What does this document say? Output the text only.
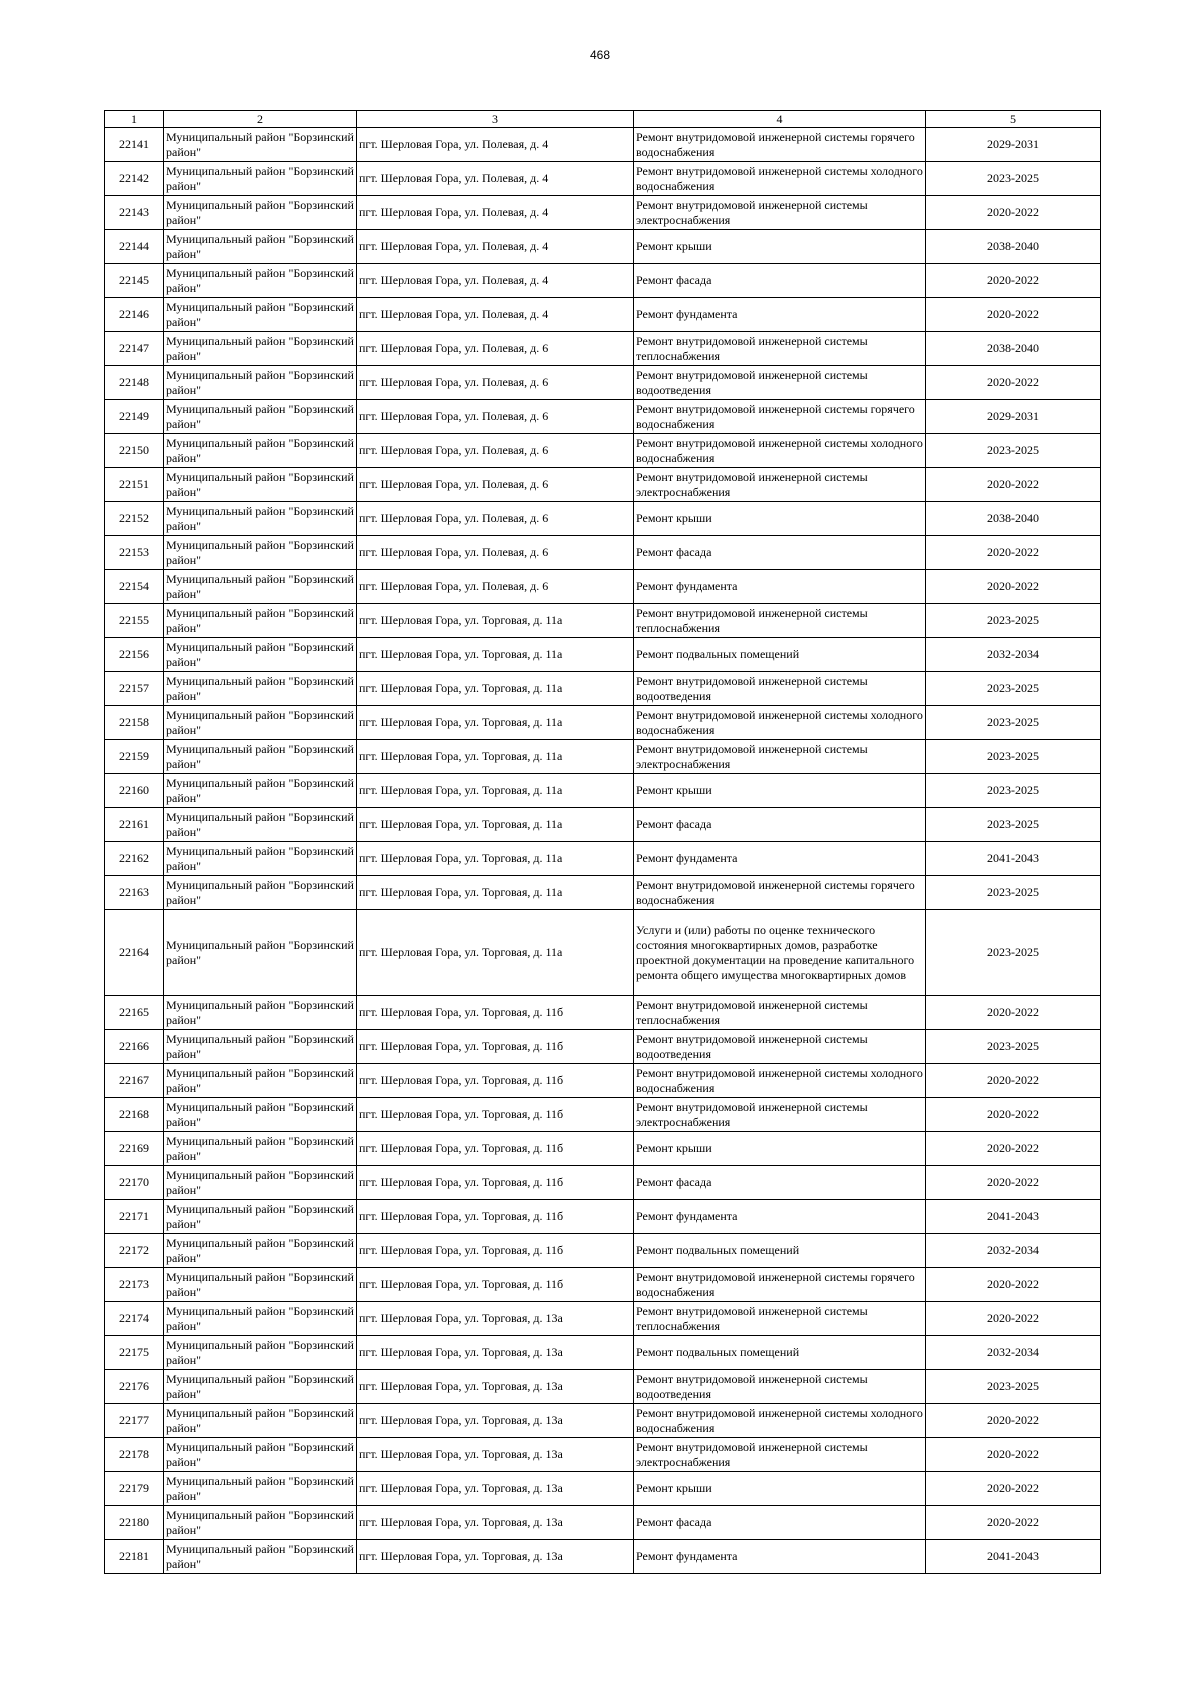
468
1	2	3	4	5
22141	Муниципальный район "Борзинский район"	пгт. Шерловая Гора, ул. Полевая, д. 4	Ремонт внутридомовой инженерной системы горячего водоснабжения	2029-2031
22142	Муниципальный район "Борзинский район"	пгт. Шерловая Гора, ул. Полевая, д. 4	Ремонт внутридомовой инженерной системы холодного водоснабжения	2023-2025
22143	Муниципальный район "Борзинский район"	пгт. Шерловая Гора, ул. Полевая, д. 4	Ремонт внутридомовой инженерной системы электроснабжения	2020-2022
22144	Муниципальный район "Борзинский район"	пгт. Шерловая Гора, ул. Полевая, д. 4	Ремонт крыши	2038-2040
22145	Муниципальный район "Борзинский район"	пгт. Шерловая Гора, ул. Полевая, д. 4	Ремонт фасада	2020-2022
22146	Муниципальный район "Борзинский район"	пгт. Шерловая Гора, ул. Полевая, д. 4	Ремонт фундамента	2020-2022
22147	Муниципальный район "Борзинский район"	пгт. Шерловая Гора, ул. Полевая, д. 6	Ремонт внутридомовой инженерной системы теплоснабжения	2038-2040
22148	Муниципальный район "Борзинский район"	пгт. Шерловая Гора, ул. Полевая, д. 6	Ремонт внутридомовой инженерной системы водоотведения	2020-2022
22149	Муниципальный район "Борзинский район"	пгт. Шерловая Гора, ул. Полевая, д. 6	Ремонт внутридомовой инженерной системы горячего водоснабжения	2029-2031
22150	Муниципальный район "Борзинский район"	пгт. Шерловая Гора, ул. Полевая, д. 6	Ремонт внутридомовой инженерной системы холодного водоснабжения	2023-2025
22151	Муниципальный район "Борзинский район"	пгт. Шерловая Гора, ул. Полевая, д. 6	Ремонт внутридомовой инженерной системы электроснабжения	2020-2022
22152	Муниципальный район "Борзинский район"	пгт. Шерловая Гора, ул. Полевая, д. 6	Ремонт крыши	2038-2040
22153	Муниципальный район "Борзинский район"	пгт. Шерловая Гора, ул. Полевая, д. 6	Ремонт фасада	2020-2022
22154	Муниципальный район "Борзинский район"	пгт. Шерловая Гора, ул. Полевая, д. 6	Ремонт фундамента	2020-2022
22155	Муниципальный район "Борзинский район"	пгт. Шерловая Гора, ул. Торговая, д. 11а	Ремонт внутридомовой инженерной системы теплоснабжения	2023-2025
22156	Муниципальный район "Борзинский район"	пгт. Шерловая Гора, ул. Торговая, д. 11а	Ремонт подвальных помещений	2032-2034
22157	Муниципальный район "Борзинский район"	пгт. Шерловая Гора, ул. Торговая, д. 11а	Ремонт внутридомовой инженерной системы водоотведения	2023-2025
22158	Муниципальный район "Борзинский район"	пгт. Шерловая Гора, ул. Торговая, д. 11а	Ремонт внутридомовой инженерной системы холодного водоснабжения	2023-2025
22159	Муниципальный район "Борзинский район"	пгт. Шерловая Гора, ул. Торговая, д. 11а	Ремонт внутридомовой инженерной системы электроснабжения	2023-2025
22160	Муниципальный район "Борзинский район"	пгт. Шерловая Гора, ул. Торговая, д. 11а	Ремонт крыши	2023-2025
22161	Муниципальный район "Борзинский район"	пгт. Шерловая Гора, ул. Торговая, д. 11а	Ремонт фасада	2023-2025
22162	Муниципальный район "Борзинский район"	пгт. Шерловая Гора, ул. Торговая, д. 11а	Ремонт фундамента	2041-2043
22163	Муниципальный район "Борзинский район"	пгт. Шерловая Гора, ул. Торговая, д. 11а	Ремонт внутридомовой инженерной системы горячего водоснабжения	2023-2025
22164	Муниципальный район "Борзинский район"	пгт. Шерловая Гора, ул. Торговая, д. 11а	Услуги и (или) работы по оценке технического состояния многоквартирных домов, разработке проектной документации на проведение капитального ремонта общего имущества многоквартирных домов	2023-2025
22165	Муниципальный район "Борзинский район"	пгт. Шерловая Гора, ул. Торговая, д. 11б	Ремонт внутридомовой инженерной системы теплоснабжения	2020-2022
22166	Муниципальный район "Борзинский район"	пгт. Шерловая Гора, ул. Торговая, д. 11б	Ремонт внутридомовой инженерной системы водоотведения	2023-2025
22167	Муниципальный район "Борзинский район"	пгт. Шерловая Гора, ул. Торговая, д. 11б	Ремонт внутридомовой инженерной системы холодного водоснабжения	2020-2022
22168	Муниципальный район "Борзинский район"	пгт. Шерловая Гора, ул. Торговая, д. 11б	Ремонт внутридомовой инженерной системы электроснабжения	2020-2022
22169	Муниципальный район "Борзинский район"	пгт. Шерловая Гора, ул. Торговая, д. 11б	Ремонт крыши	2020-2022
22170	Муниципальный район "Борзинский район"	пгт. Шерловая Гора, ул. Торговая, д. 11б	Ремонт фасада	2020-2022
22171	Муниципальный район "Борзинский район"	пгт. Шерловая Гора, ул. Торговая, д. 11б	Ремонт фундамента	2041-2043
22172	Муниципальный район "Борзинский район"	пгт. Шерловая Гора, ул. Торговая, д. 11б	Ремонт подвальных помещений	2032-2034
22173	Муниципальный район "Борзинский район"	пгт. Шерловая Гора, ул. Торговая, д. 11б	Ремонт внутридомовой инженерной системы горячего водоснабжения	2020-2022
22174	Муниципальный район "Борзинский район"	пгт. Шерловая Гора, ул. Торговая, д. 13а	Ремонт внутридомовой инженерной системы теплоснабжения	2020-2022
22175	Муниципальный район "Борзинский район"	пгт. Шерловая Гора, ул. Торговая, д. 13а	Ремонт подвальных помещений	2032-2034
22176	Муниципальный район "Борзинский район"	пгт. Шерловая Гора, ул. Торговая, д. 13а	Ремонт внутридомовой инженерной системы водоотведения	2023-2025
22177	Муниципальный район "Борзинский район"	пгт. Шерловая Гора, ул. Торговая, д. 13а	Ремонт внутридомовой инженерной системы холодного водоснабжения	2020-2022
22178	Муниципальный район "Борзинский район"	пгт. Шерловая Гора, ул. Торговая, д. 13а	Ремонт внутридомовой инженерной системы электроснабжения	2020-2022
22179	Муниципальный район "Борзинский район"	пгт. Шерловая Гора, ул. Торговая, д. 13а	Ремонт крыши	2020-2022
22180	Муниципальный район "Борзинский район"	пгт. Шерловая Гора, ул. Торговая, д. 13а	Ремонт фасада	2020-2022
22181	Муниципальный район "Борзинский район"	пгт. Шерловая Гора, ул. Торговая, д. 13а	Ремонт фундамента	2041-2043
